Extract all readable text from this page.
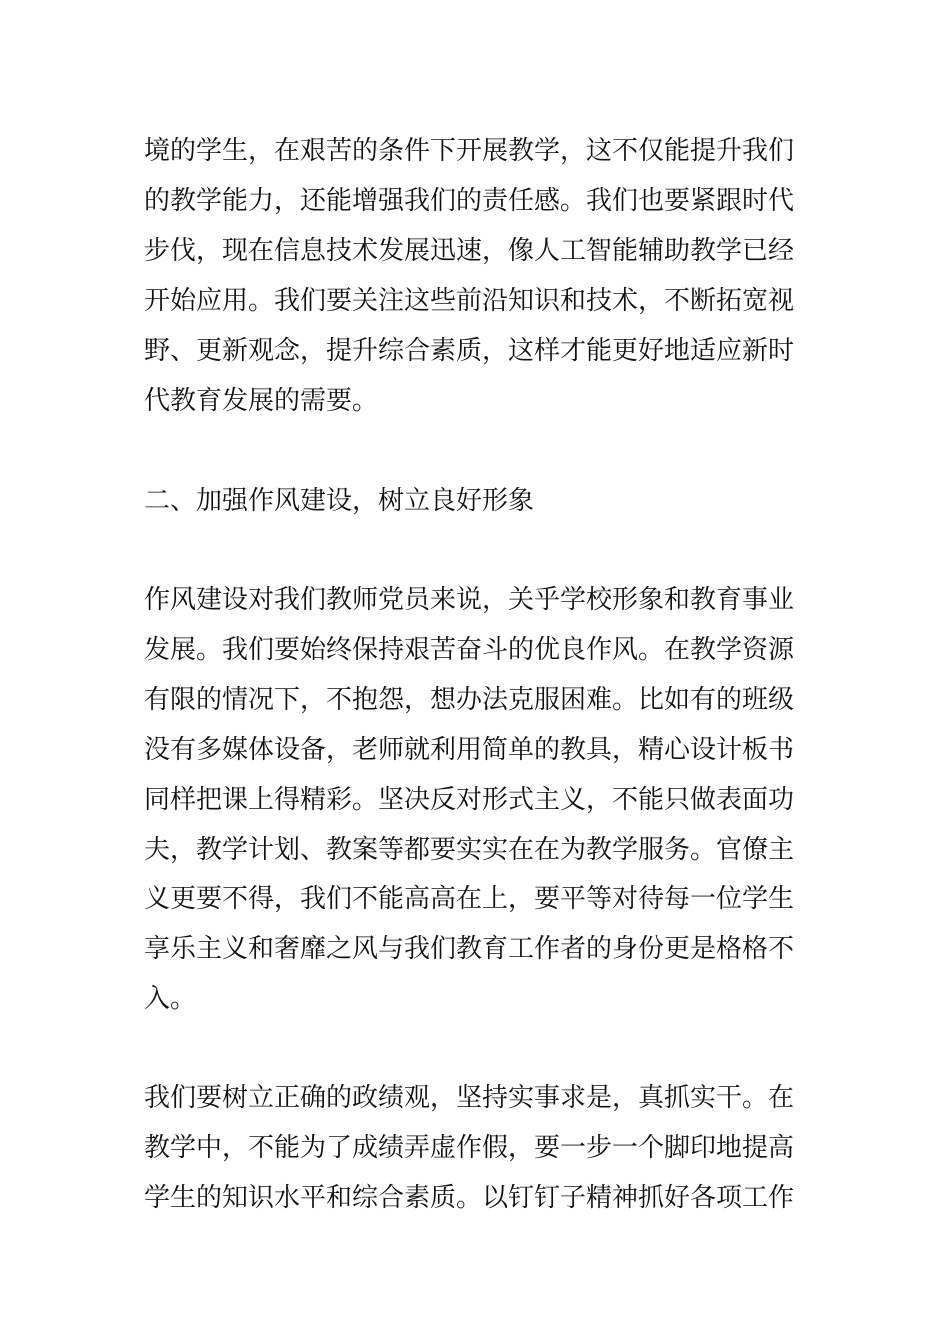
境的学生，在艰苦的条件下开展教学，这不仅能提升我们
的教学能力，还能增强我们的责任感。我们也要紧跟时代
步伐，现在信息技术发展迅速，像人工智能辅助教学已经
开始应用。我们要关注这些前沿知识和技术，不断拓宽视
野、更新观念，提升综合素质，这样才能更好地适应新时
代教育发展的需要。
二、加强作风建设，树立良好形象
作风建设对我们教师党员来说，关乎学校形象和教育事业
发展。我们要始终保持艰苦奋斗的优良作风。在教学资源
有限的情况下，不抱怨，想办法克服困难。比如有的班级
没有多媒体设备，老师就利用简单的教具，精心设计板书
同样把课上得精彩。坚决反对形式主义，不能只做表面功
夫，教学计划、教案等都要实实在在为教学服务。官僚主
义更要不得，我们不能高高在上，要平等对待每一位学生
享乐主义和奢靡之风与我们教育工作者的身份更是格格不
入。
我们要树立正确的政绩观，坚持实事求是，真抓实干。在
教学中，不能为了成绩弄虚作假，要一步一个脚印地提高
学生的知识水平和综合素质。以钉钉子精神抓好各项工作
